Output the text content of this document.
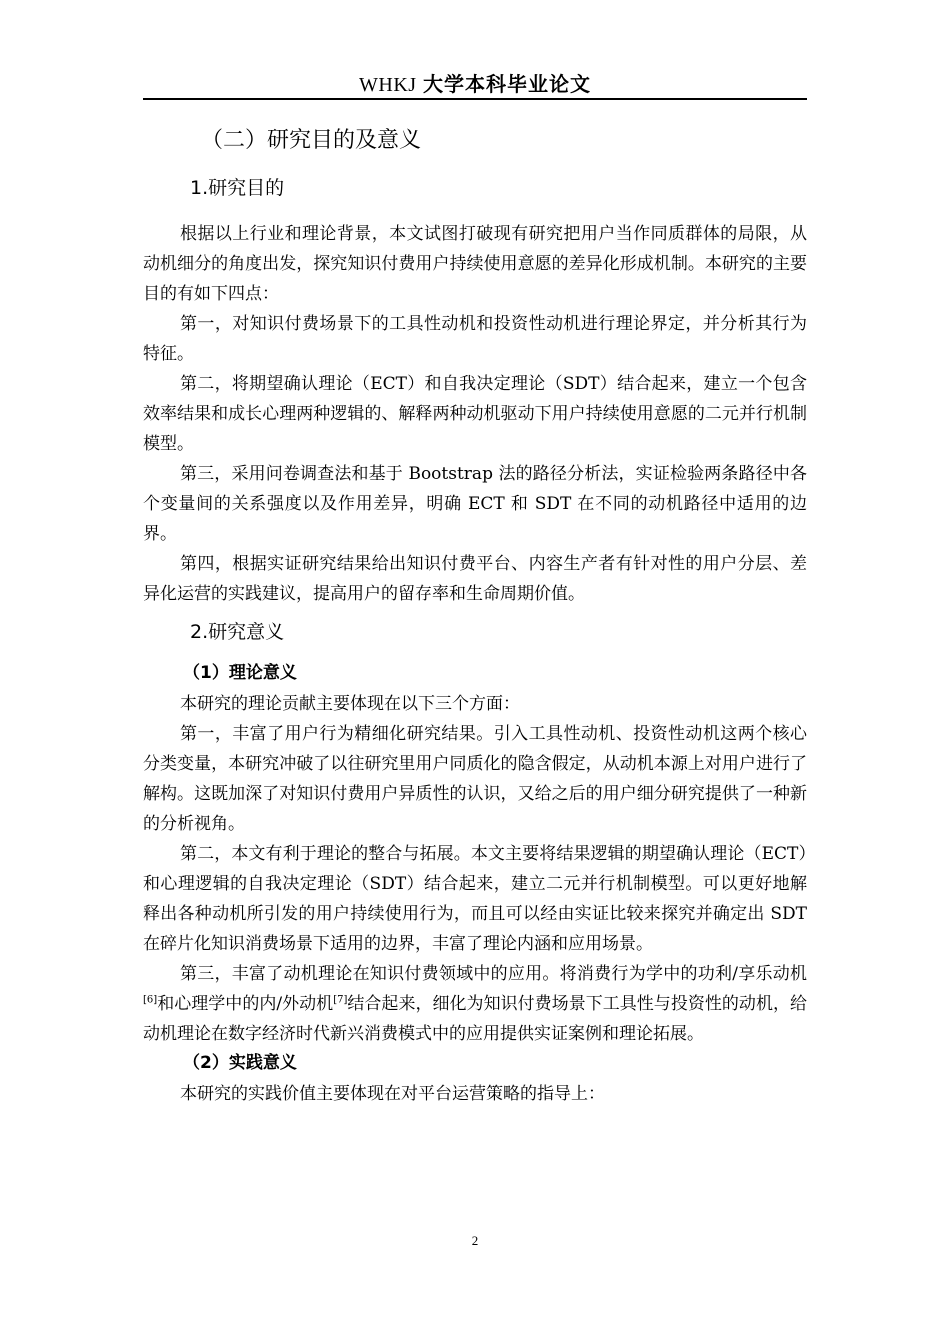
WHKJ 大学本科毕业论文
（二）研究目的及意义
1.研究目的

根据以上行业和理论背景，本文试图打破现有研究把用户当作同质群体的局限，从动机细分的角度出发，探究知识付费用户持续使用意愿的差异化形成机制。本研究的主要目的有如下四点：

第一，对知识付费场景下的工具性动机和投资性动机进行理论界定，并分析其行为特征。

第二，将期望确认理论（ECT）和自我决定理论（SDT）结合起来，建立一个包含效率结果和成长心理两种逻辑的、解释两种动机驱动下用户持续使用意愿的二元并行机制模型。

第三，采用问卷调查法和基于 Bootstrap 法的路径分析法，实证检验两条路径中各个变量间的关系强度以及作用差异，明确 ECT 和 SDT 在不同的动机路径中适用的边界。

第四，根据实证研究结果给出知识付费平台、内容生产者有针对性的用户分层、差异化运营的实践建议，提高用户的留存率和生命周期价值。

2.研究意义
（1）理论意义

本研究的理论贡献主要体现在以下三个方面：

第一，丰富了用户行为精细化研究结果。引入工具性动机、投资性动机这两个核心分类变量，本研究冲破了以往研究里用户同质化的隐含假定，从动机本源上对用户进行了解构。这既加深了对知识付费用户异质性的认识，又给之后的用户细分研究提供了一种新的分析视角。

第二，本文有利于理论的整合与拓展。本文主要将结果逻辑的期望确认理论（ECT）和心理逻辑的自我决定理论（SDT）结合起来，建立二元并行机制模型。可以更好地解释出各种动机所引发的用户持续使用行为，而且可以经由实证比较来探究并确定出 SDT 在碎片化知识消费场景下适用的边界，丰富了理论内涵和应用场景。

第三，丰富了动机理论在知识付费领域中的应用。将消费行为学中的功利/享乐动机[6]和心理学中的内/外动机[7]结合起来，细化为知识付费场景下工具性与投资性的动机，给动机理论在数字经济时代新兴消费模式中的应用提供实证案例和理论拓展。

（2）实践意义

本研究的实践价值主要体现在对平台运营策略的指导上：

2
